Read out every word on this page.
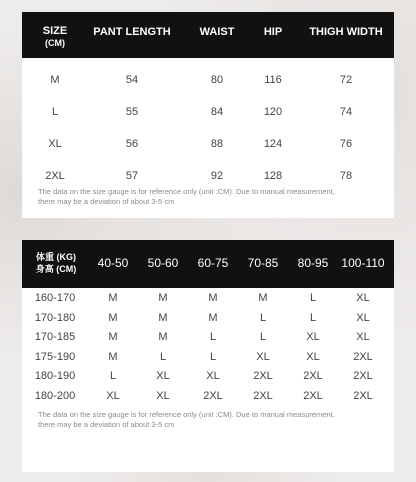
SIZE
(CM)
PANT LENGTH	WAIST	HIP	THIGH WIDTH
M	54	80	116	72
L	55	84	120	74
XL	56	88	124	76
2XL	57	92	128	78
The data on the size gauge is for reference only (unit :CM). Due to manual measurement,
there may be a deviation of about 3-5 cm
体重 (KG)
身高 (CM)	40-50	50-60	60-75	70-85	80-95	100-110
160-170	M	M	M	M	L	XL
170-180	M	M	M	L	L	XL
170-185	M	M	L	L	XL	XL
175-190	M	L	L	XL	XL	2XL
180-190	L	XL	XL	2XL	2XL	2XL
180-200	XL	XL	2XL	2XL	2XL	2XL
The data on the size gauge is for reference only (unit :CM). Due to manual measurement,
there may be a deviation of about 3-5 cm
